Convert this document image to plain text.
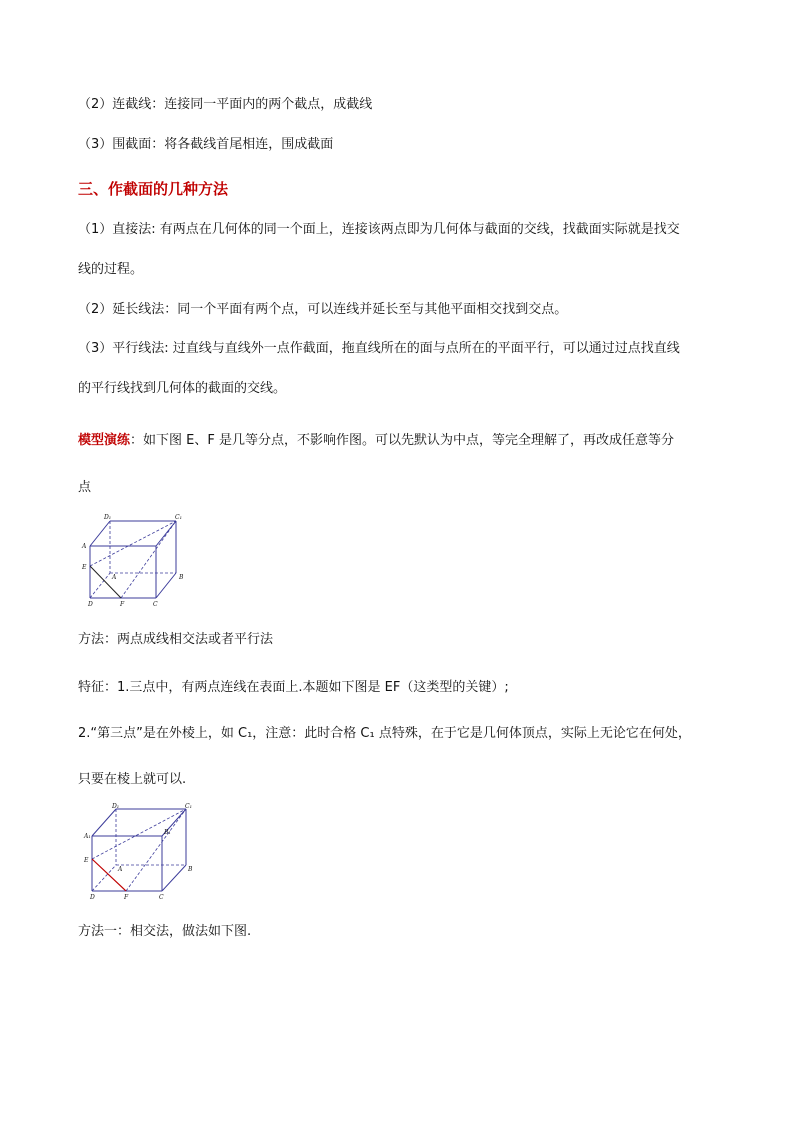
（2）连截线：连接同一平面内的两个截点，成截线
（3）围截面：将各截线首尾相连，围成截面
三、作截面的几种方法
（1）直接法: 有两点在几何体的同一个面上，连接该两点即为几何体与截面的交线，找截面实际就是找交
线的过程。
（2）延长线法：同一个平面有两个点，可以连线并延长至与其他平面相交找到交点。
（3）平行线法: 过直线与直线外一点作截面，拖直线所在的面与点所在的平面平行，可以通过过点找直线
的平行线找到几何体的截面的交线。
模型演练：如下图 E、F 是几等分点，不影响作图。可以先默认为中点，等完全理解了，再改成任意等分
点
D₁	C₁
A
E
A	B
D	F	C
方法：两点成线相交法或者平行法
特征：1.三点中，有两点连线在表面上.本题如下图是 EF（这类型的关键）;
2.“第三点”是在外棱上，如 C₁，注意：此时合格 C₁ 点特殊，在于它是几何体顶点，实际上无论它在何处，
只要在棱上就可以.
D₁	C₁
A₁
B₁
E
A	B
D	F	C
方法一：相交法，做法如下图.
